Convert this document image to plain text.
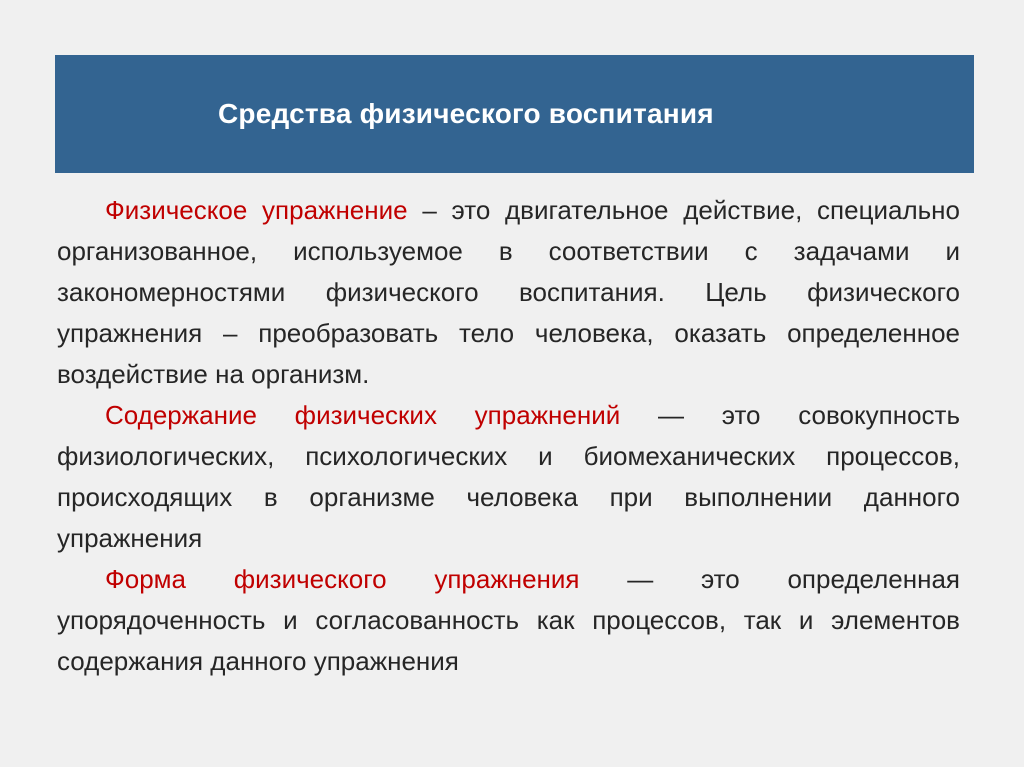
Средства физического воспитания

Физическое упражнение – это двигательное действие, специально организованное, используемое в соответствии с задачами и закономерностями физического воспитания. Цель физического упражнения – преобразовать тело человека, оказать определенное воздействие на организм.

Содержание физических упражнений — это совокупность физиологических, психологических и биомеханических процессов, происходящих в организме человека при выполнении данного упражнения

Форма физического упражнения — это определенная упорядоченность и согласованность как процессов, так и элементов содержания данного упражнения
